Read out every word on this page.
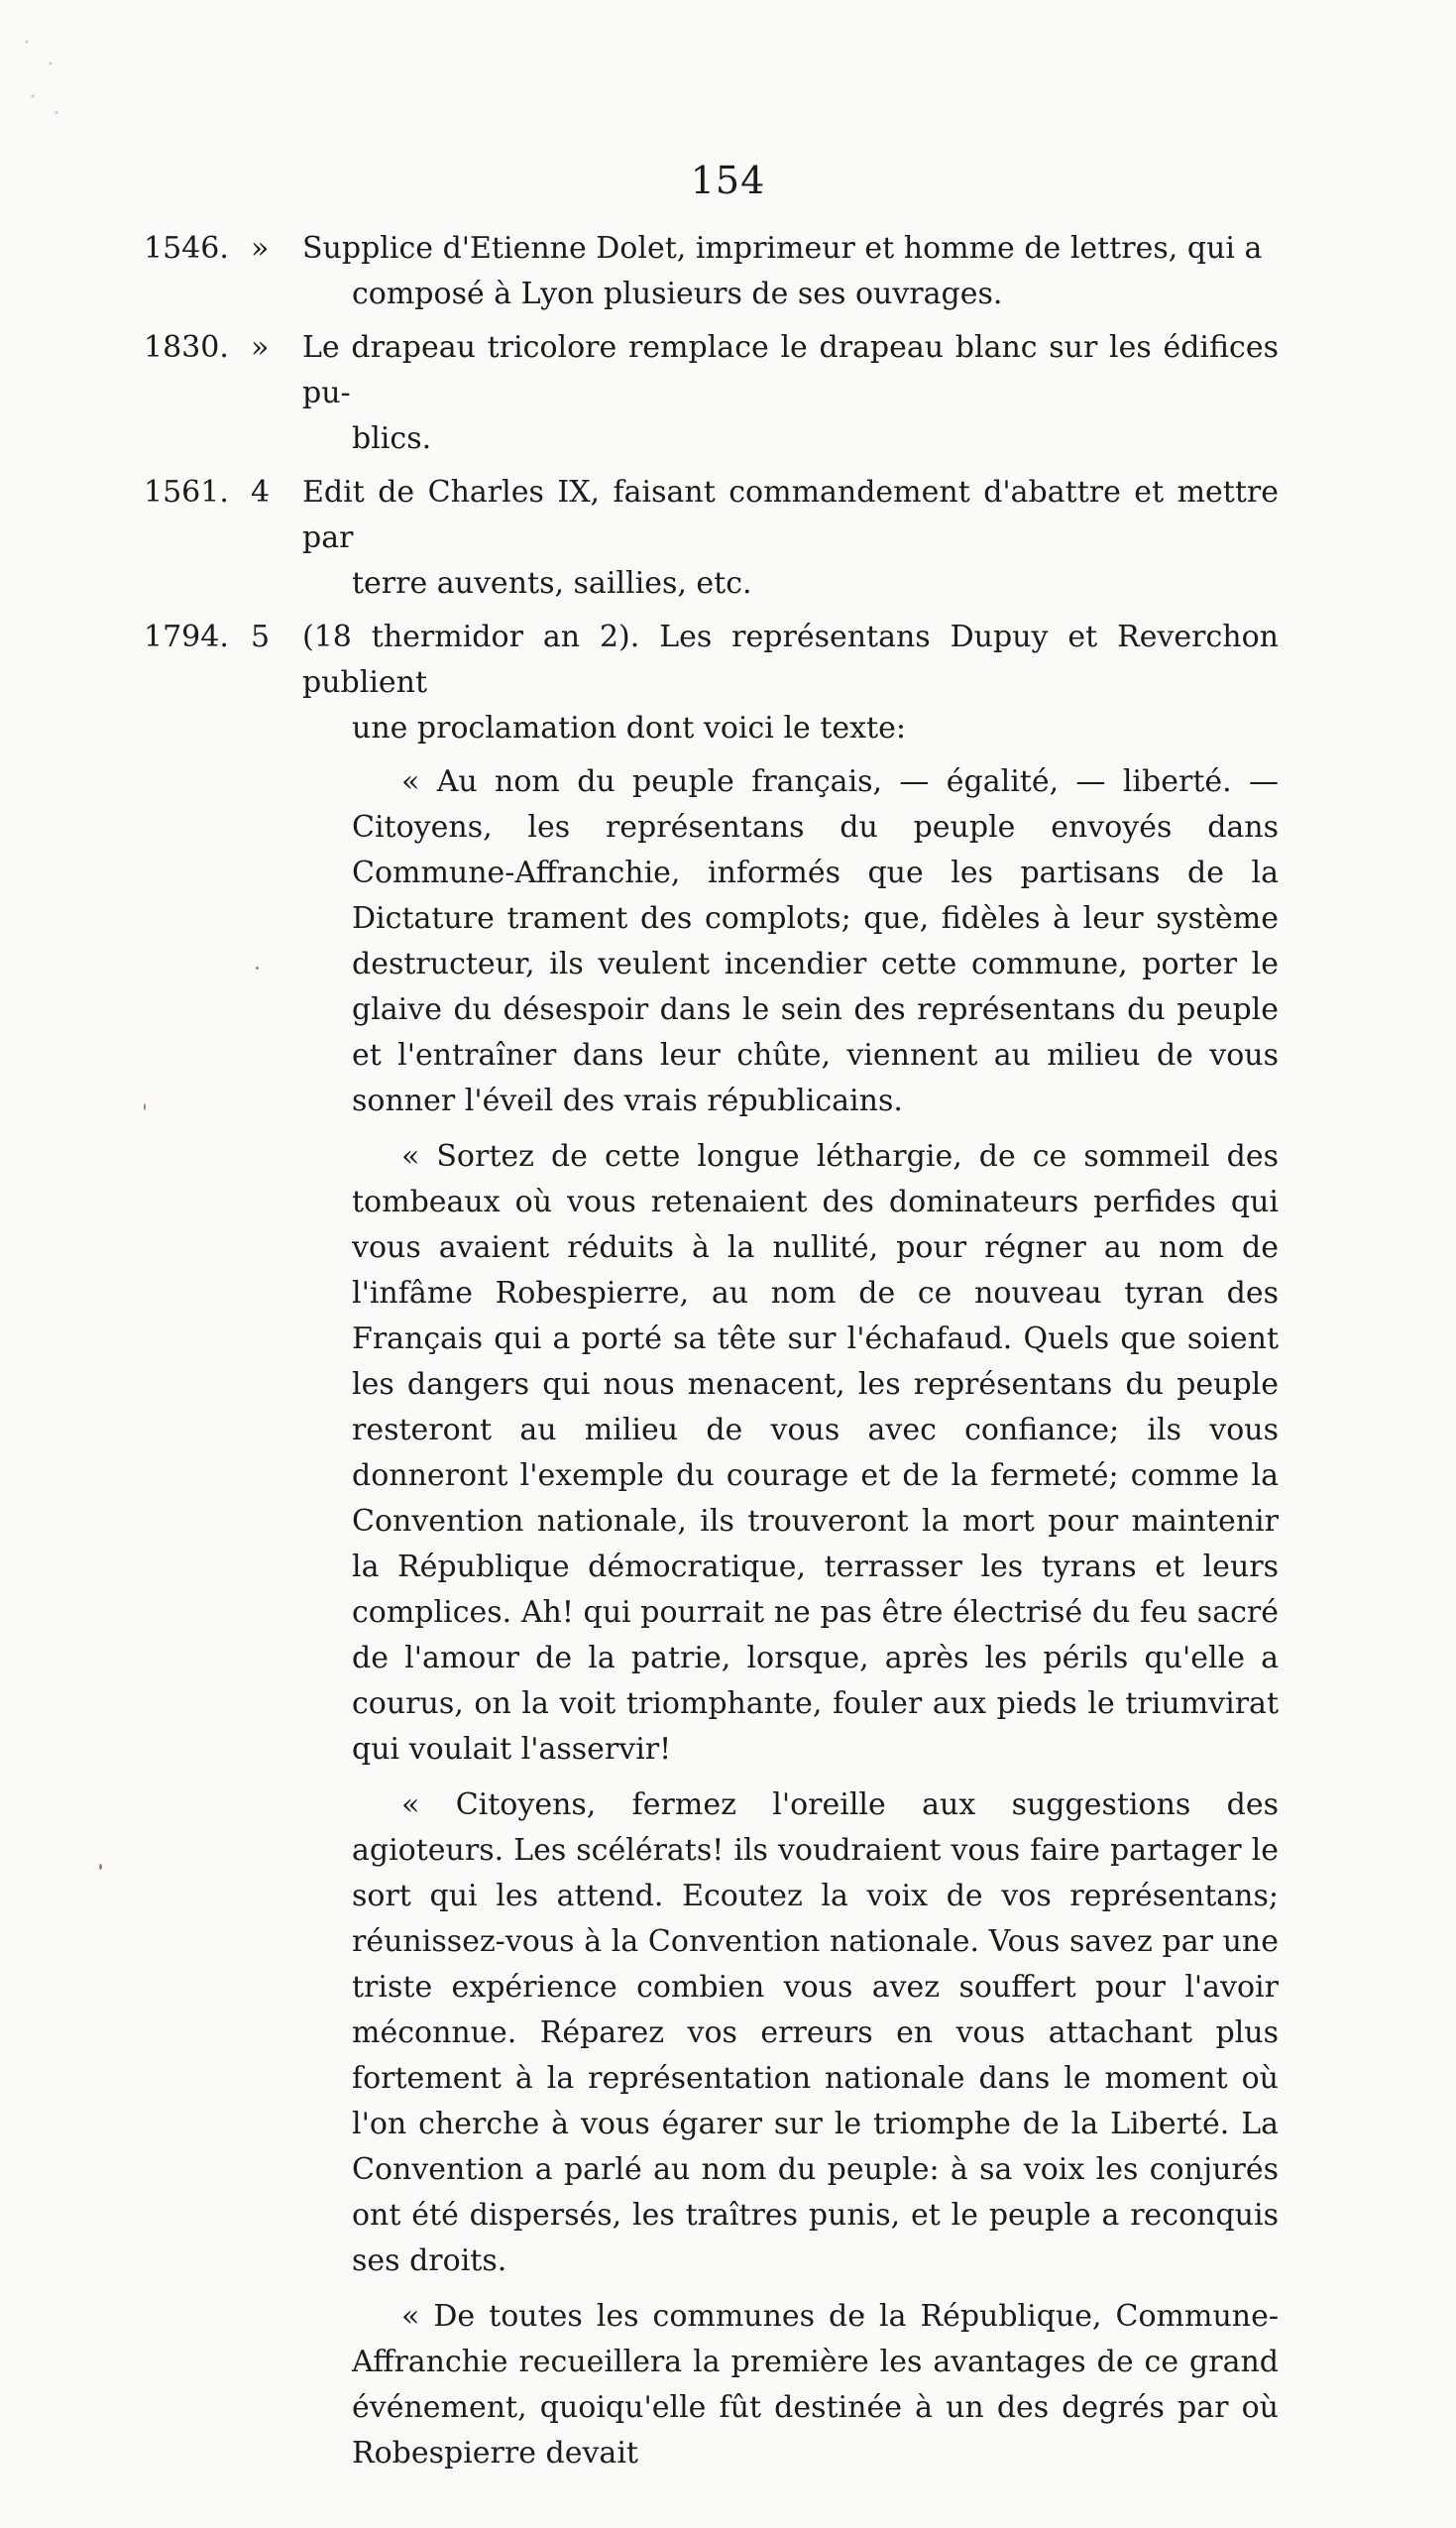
154
1546. »	Supplice d'Etienne Dolet, imprimeur et homme de lettres, qui a
composé à Lyon plusieurs de ses ouvrages.
1830. »	Le drapeau tricolore remplace le drapeau blanc sur les édifices pu-
blics.
1561. 4	Edit de Charles IX, faisant commandement d'abattre et mettre par
terre auvents, saillies, etc.
1794. 5	(18 thermidor an 2). Les représentans Dupuy et Reverchon publient
une proclamation dont voici le texte:

« Au nom du peuple français, — égalité, — liberté. — Citoyens, les représentans du peuple envoyés dans Commune-Affranchie, informés que les partisans de la Dictature trament des complots; que, fidèles à leur système destructeur, ils veulent incendier cette commune, porter le glaive du désespoir dans le sein des représentans du peuple et l'entraîner dans leur chûte, viennent au milieu de vous sonner l'éveil des vrais républicains.

« Sortez de cette longue léthargie, de ce sommeil des tombeaux où vous retenaient des dominateurs perfides qui vous avaient réduits à la nullité, pour régner au nom de l'infâme Robespierre, au nom de ce nouveau tyran des Français qui a porté sa tête sur l'échafaud. Quels que soient les dangers qui nous menacent, les représentans du peuple resteront au milieu de vous avec confiance; ils vous donneront l'exemple du courage et de la fermeté; comme la Convention nationale, ils trouveront la mort pour maintenir la République démocratique, terrasser les tyrans et leurs complices. Ah! qui pourrait ne pas être électrisé du feu sacré de l'amour de la patrie, lorsque, après les périls qu'elle a courus, on la voit triomphante, fouler aux pieds le triumvirat qui voulait l'asservir!

« Citoyens, fermez l'oreille aux suggestions des agioteurs. Les scélérats! ils voudraient vous faire partager le sort qui les attend. Ecoutez la voix de vos représentans; réunissez-vous à la Convention nationale. Vous savez par une triste expérience combien vous avez souffert pour l'avoir méconnue. Réparez vos erreurs en vous attachant plus fortement à la représentation nationale dans le moment où l'on cherche à vous égarer sur le triomphe de la Liberté. La Convention a parlé au nom du peuple: à sa voix les conjurés ont été dispersés, les traîtres punis, et le peuple a reconquis ses droits.

« De toutes les communes de la République, Commune-Affranchie recueillera la première les avantages de ce grand événement, quoiqu'elle fût destinée à un des degrés par où Robespierre devait
